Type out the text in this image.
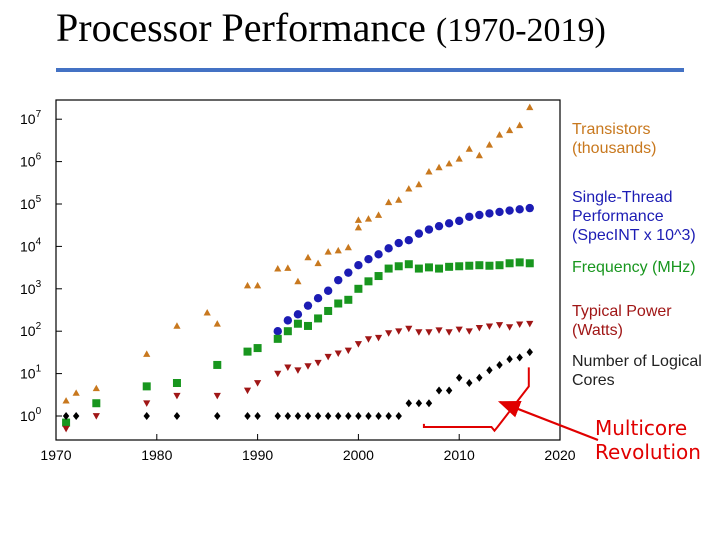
Processor Performance (1970-2019)
1970	1980	1990	2000	2010	2020
$10^0$
$10^1$
$10^2$
$10^3$
$10^4$
$10^5$
$10^6$
$10^7$
Transistors (thousands)
Single-Thread Performance (SpecINT x 10^3)
Frequency (MHz)
Typical Power (Watts)
Number of Logical Cores
Multicore Revolution
